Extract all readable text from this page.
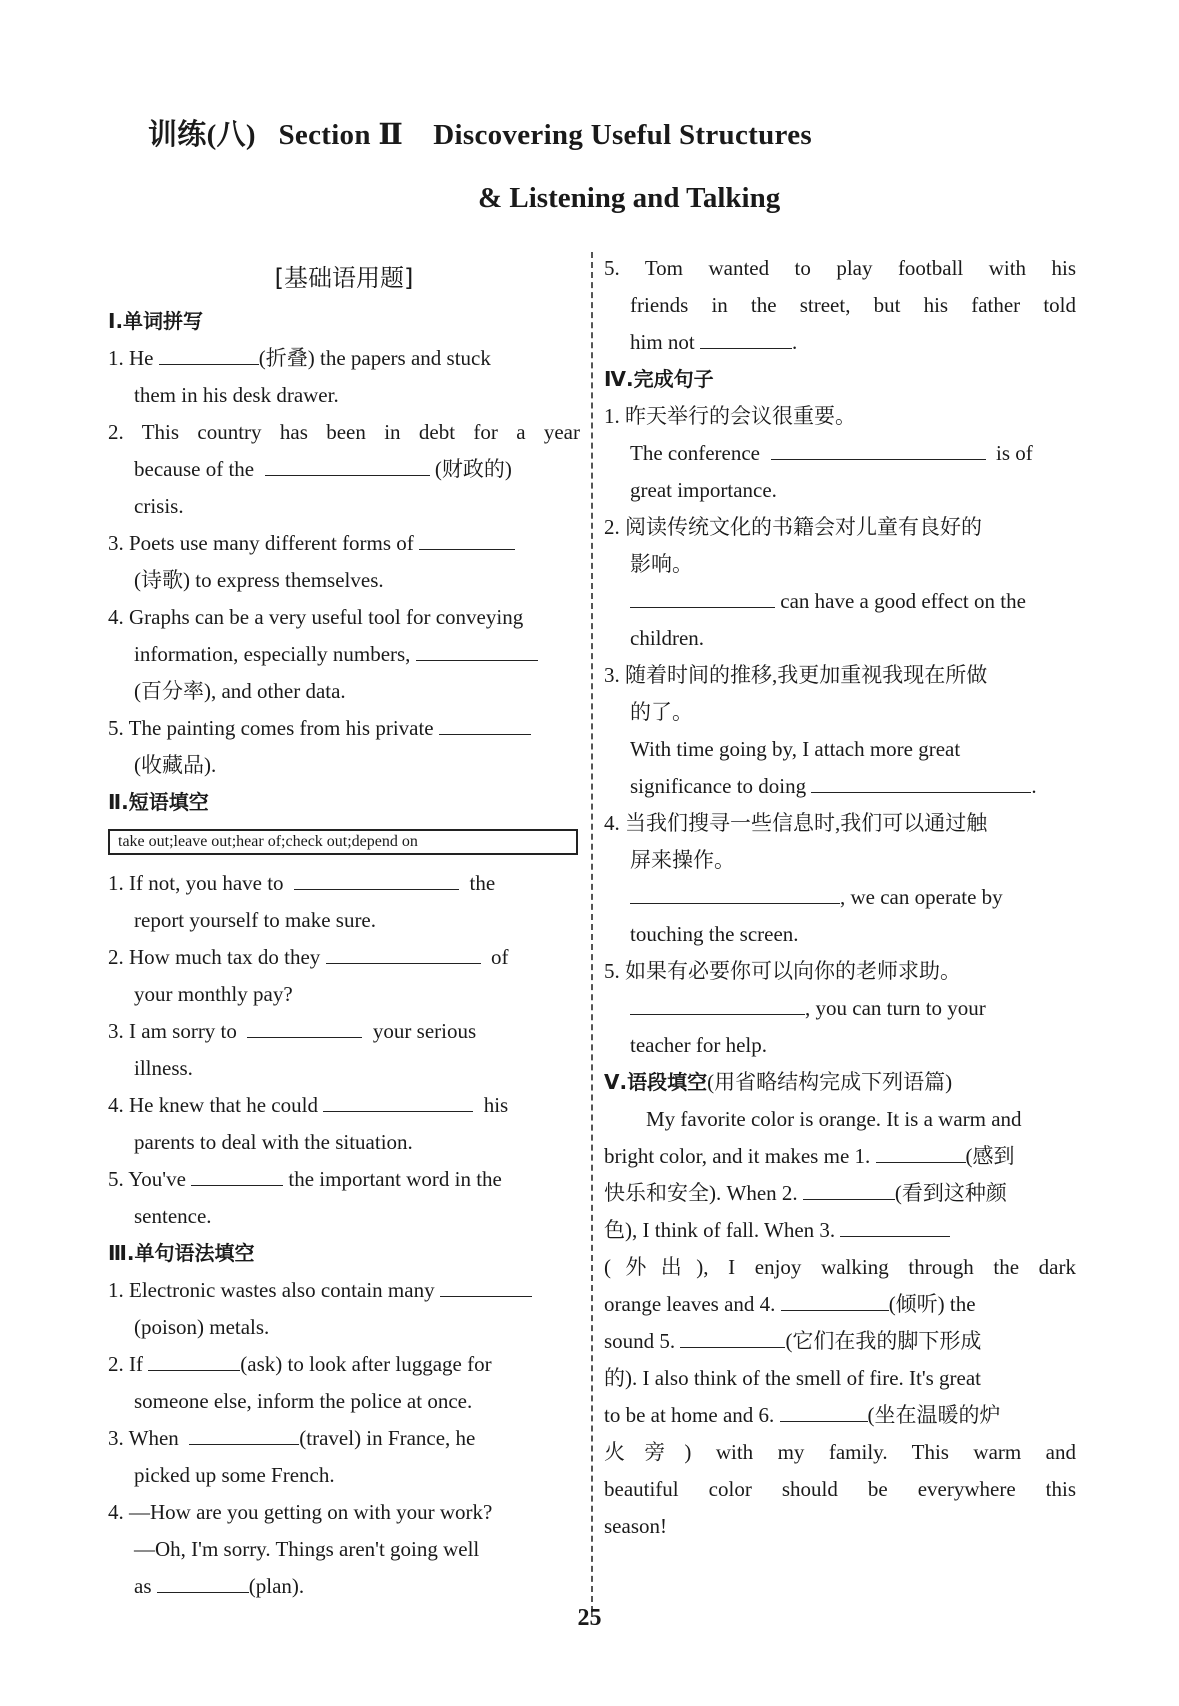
训练(八)   Section Ⅱ    Discovering Useful Structures
& Listening and Talking
[基础语用题]
Ⅰ.单词拼写
1. He	(折叠) the papers and stuck
them in his desk drawer.
2. This country has been in debt for a year
because of the	(财政的)
crisis.
3. Poets use many different forms of
(诗歌) to express themselves.
4. Graphs can be a very useful tool for conveying
information, especially numbers,
(百分率), and other data.
5. The painting comes from his private
(收藏品).
Ⅱ.短语填空
take out;leave out;hear of;check out;depend on
1. If not, you have to	the
report yourself to make sure.
2. How much tax do they	of
your monthly pay?
3. I am sorry to	your serious
illness.
4. He knew that he could	his
parents to deal with the situation.
5. You've	the important word in the
sentence.
Ⅲ.单句语法填空
1. Electronic wastes also contain many
(poison) metals.
2. If	(ask) to look after luggage for
someone else, inform the police at once.
3. When	(travel) in France, he
picked up some French.
4. —How are you getting on with your work?
—Oh, I'm sorry. Things aren't going well
as	(plan).
5. Tom wanted to play football with his
friends in the street, but his father told
him not	.
Ⅳ.完成句子
1. 昨天举行的会议很重要。
The conference	is of
great importance.
2. 阅读传统文化的书籍会对儿童有良好的
影响。
can have a good effect on the
children.
3. 随着时间的推移,我更加重视我现在所做
的了。
With time going by, I attach more great
significance to doing	.
4. 当我们搜寻一些信息时,我们可以通过触
屏来操作。
, we can operate by
touching the screen.
5. 如果有必要你可以向你的老师求助。
, you can turn to your
teacher for help.
Ⅴ.语段填空(用省略结构完成下列语篇)
My favorite color is orange. It is a warm and
bright color, and it makes me 1.	(感到
快乐和安全). When 2.	(看到这种颜
色), I think of fall. When 3.
(外出), I enjoy walking through the dark
orange leaves and 4.	(倾听) the
sound 5.	(它们在我的脚下形成
的). I also think of the smell of fire. It's great
to be at home and 6.	(坐在温暖的炉
火旁) with my family. This warm and
beautiful color should be everywhere this
season!
25
